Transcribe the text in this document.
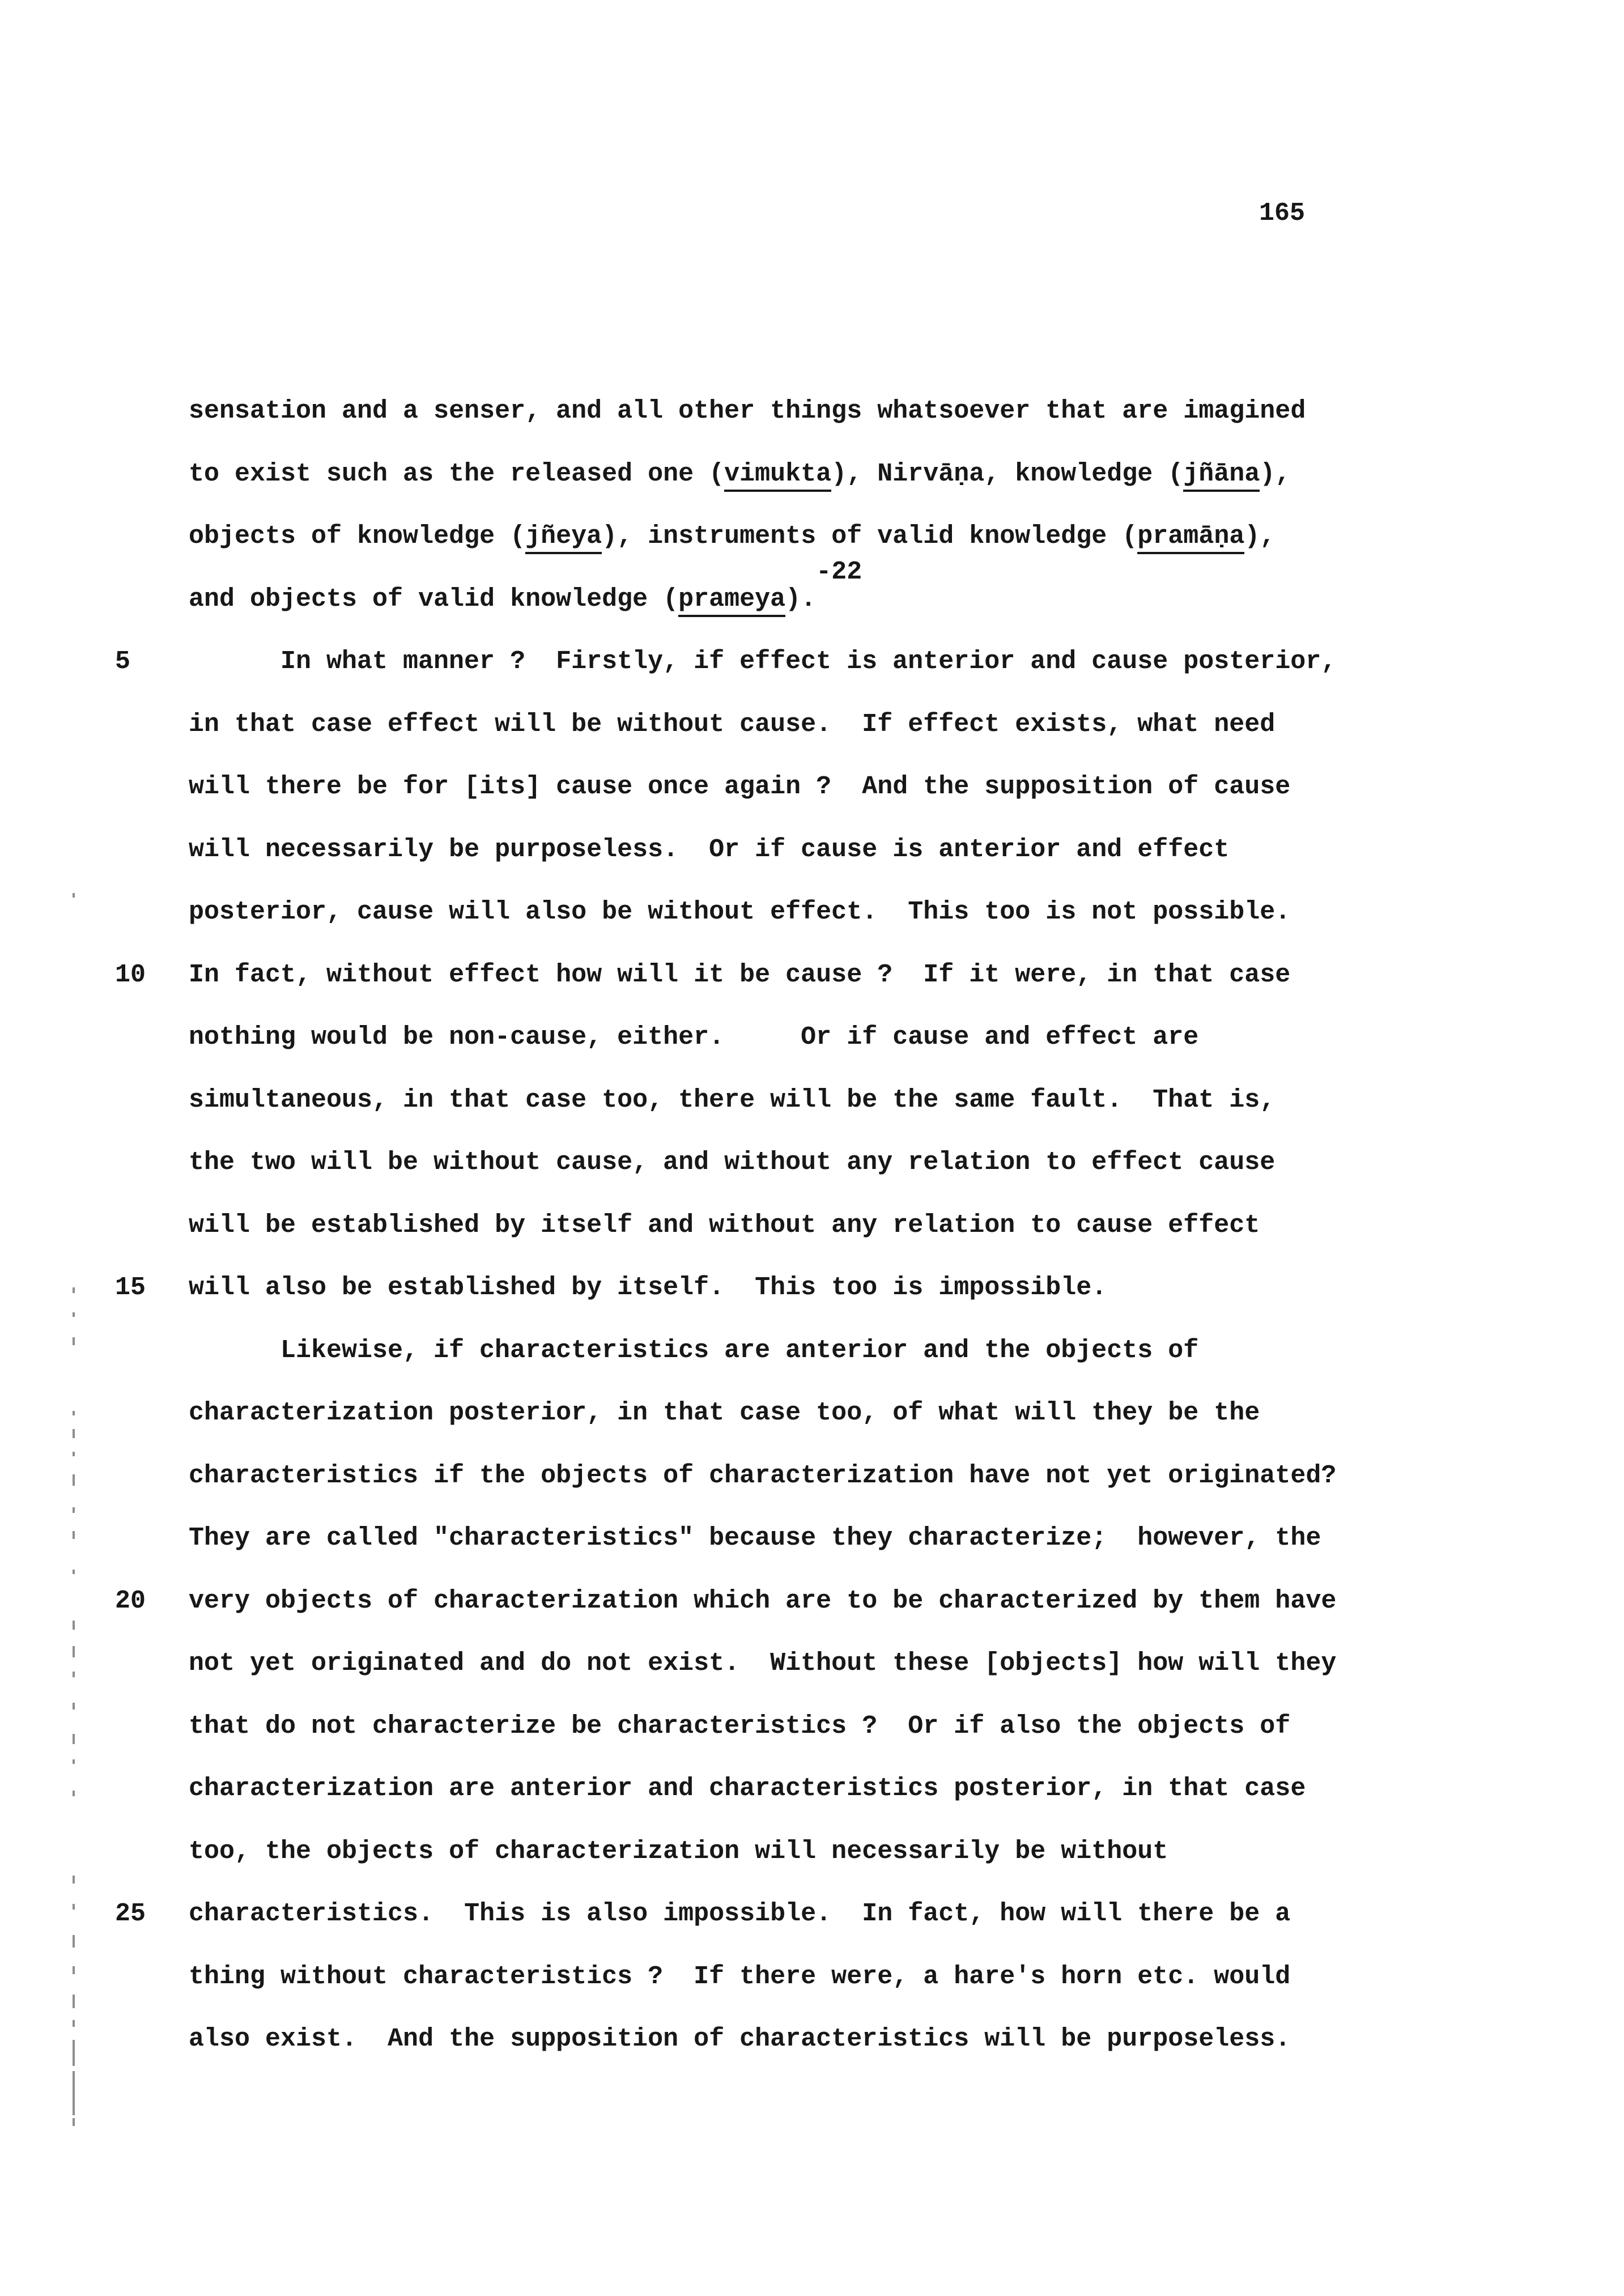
165
sensation and a senser, and all other things whatsoever that are imagined
to exist such as the released one (vimukta), Nirvāṇa, knowledge (jñāna),
objects of knowledge (jñeya), instruments of valid knowledge (pramāṇa),
and objects of valid knowledge (prameya).-22
5	In what manner ?  Firstly, if effect is anterior and cause posterior,
in that case effect will be without cause.  If effect exists, what need
will there be for [its] cause once again ?  And the supposition of cause
will necessarily be purposeless.  Or if cause is anterior and effect
posterior, cause will also be without effect.  This too is not possible.
10 In fact, without effect how will it be cause ?  If it were, in that case
nothing would be non-cause, either.     Or if cause and effect are
simultaneous, in that case too, there will be the same fault.  That is,
the two will be without cause, and without any relation to effect cause
will be established by itself and without any relation to cause effect
15 will also be established by itself.  This too is impossible.
Likewise, if characteristics are anterior and the objects of
characterization posterior, in that case too, of what will they be the
characteristics if the objects of characterization have not yet originated?
They are called "characteristics" because they characterize;  however, the
20 very objects of characterization which are to be characterized by them have
not yet originated and do not exist.  Without these [objects] how will they
that do not characterize be characteristics ?  Or if also the objects of
characterization are anterior and characteristics posterior, in that case
too, the objects of characterization will necessarily be without
25 characteristics.  This is also impossible.  In fact, how will there be a
thing without characteristics ?  If there were, a hare's horn etc. would
also exist.  And the supposition of characteristics will be purposeless.
